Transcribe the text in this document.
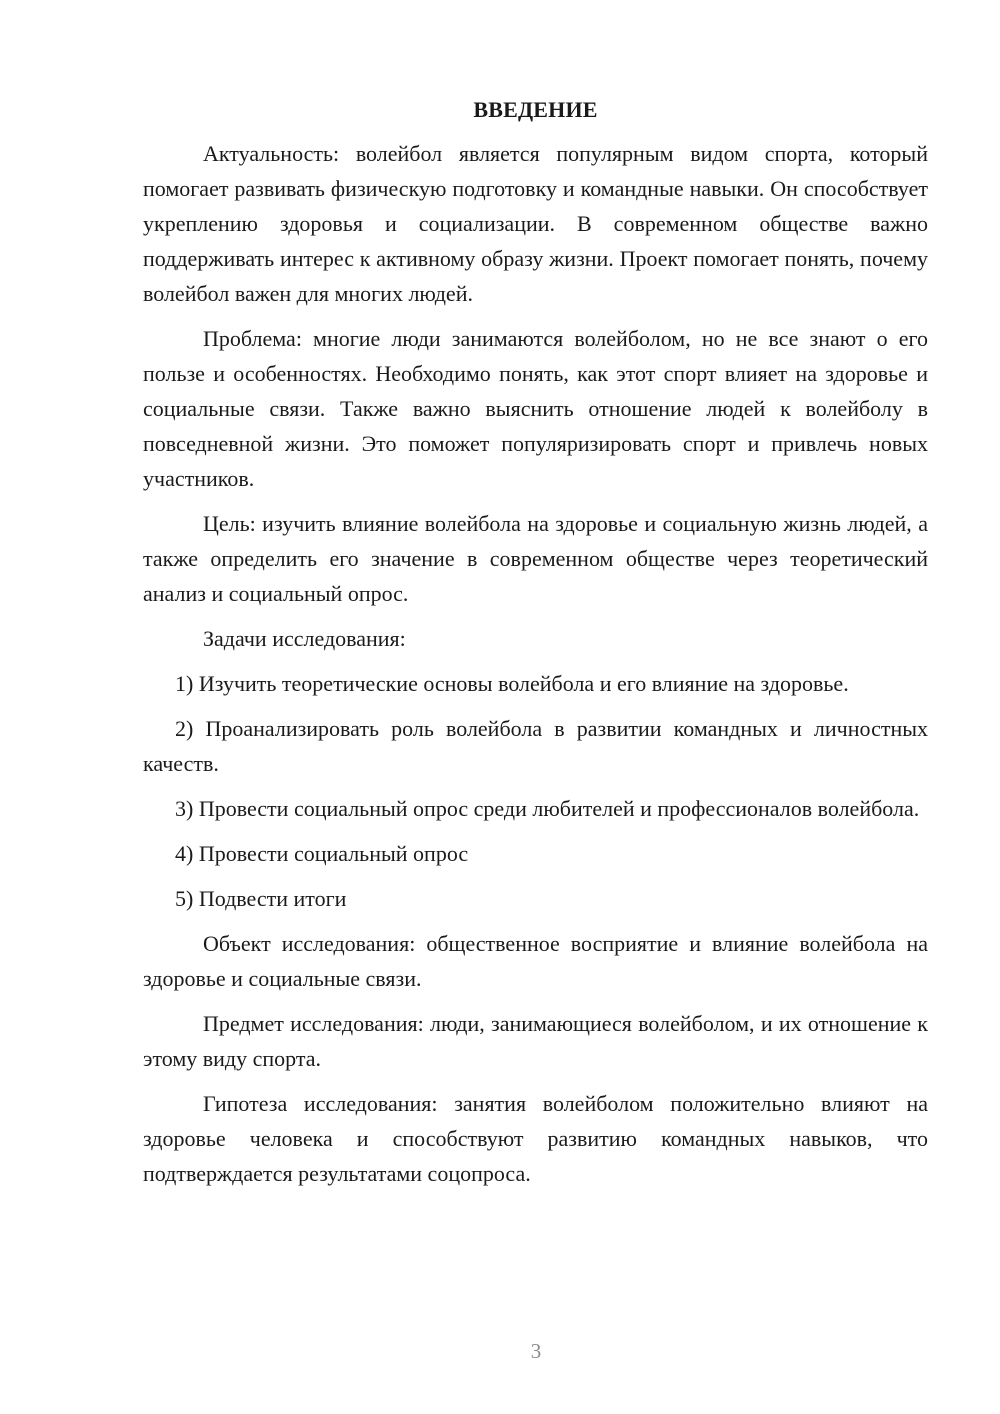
ВВЕДЕНИЕ

Актуальность: волейбол является популярным видом спорта, который помогает развивать физическую подготовку и командные навыки. Он способствует укреплению здоровья и социализации. В современном обществе важно поддерживать интерес к активному образу жизни. Проект помогает понять, почему волейбол важен для многих людей.

Проблема: многие люди занимаются волейболом, но не все знают о его пользе и особенностях. Необходимо понять, как этот спорт влияет на здоровье и социальные связи. Также важно выяснить отношение людей к волейболу в повседневной жизни. Это поможет популяризировать спорт и привлечь новых участников.

Цель: изучить влияние волейбола на здоровье и социальную жизнь людей, а также определить его значение в современном обществе через теоретический анализ и социальный опрос.

Задачи исследования:

1) Изучить теоретические основы волейбола и его влияние на здоровье.

2) Проанализировать роль волейбола в развитии командных и личностных качеств.

3) Провести социальный опрос среди любителей и профессионалов волейбола.

4) Провести социальный опрос

5) Подвести итоги

Объект исследования: общественное восприятие и влияние волейбола на здоровье и социальные связи.

Предмет исследования: люди, занимающиеся волейболом, и их отношение к этому виду спорта.

Гипотеза исследования: занятия волейболом положительно влияют на здоровье человека и способствуют развитию командных навыков, что подтверждается результатами соцопроса.

3
